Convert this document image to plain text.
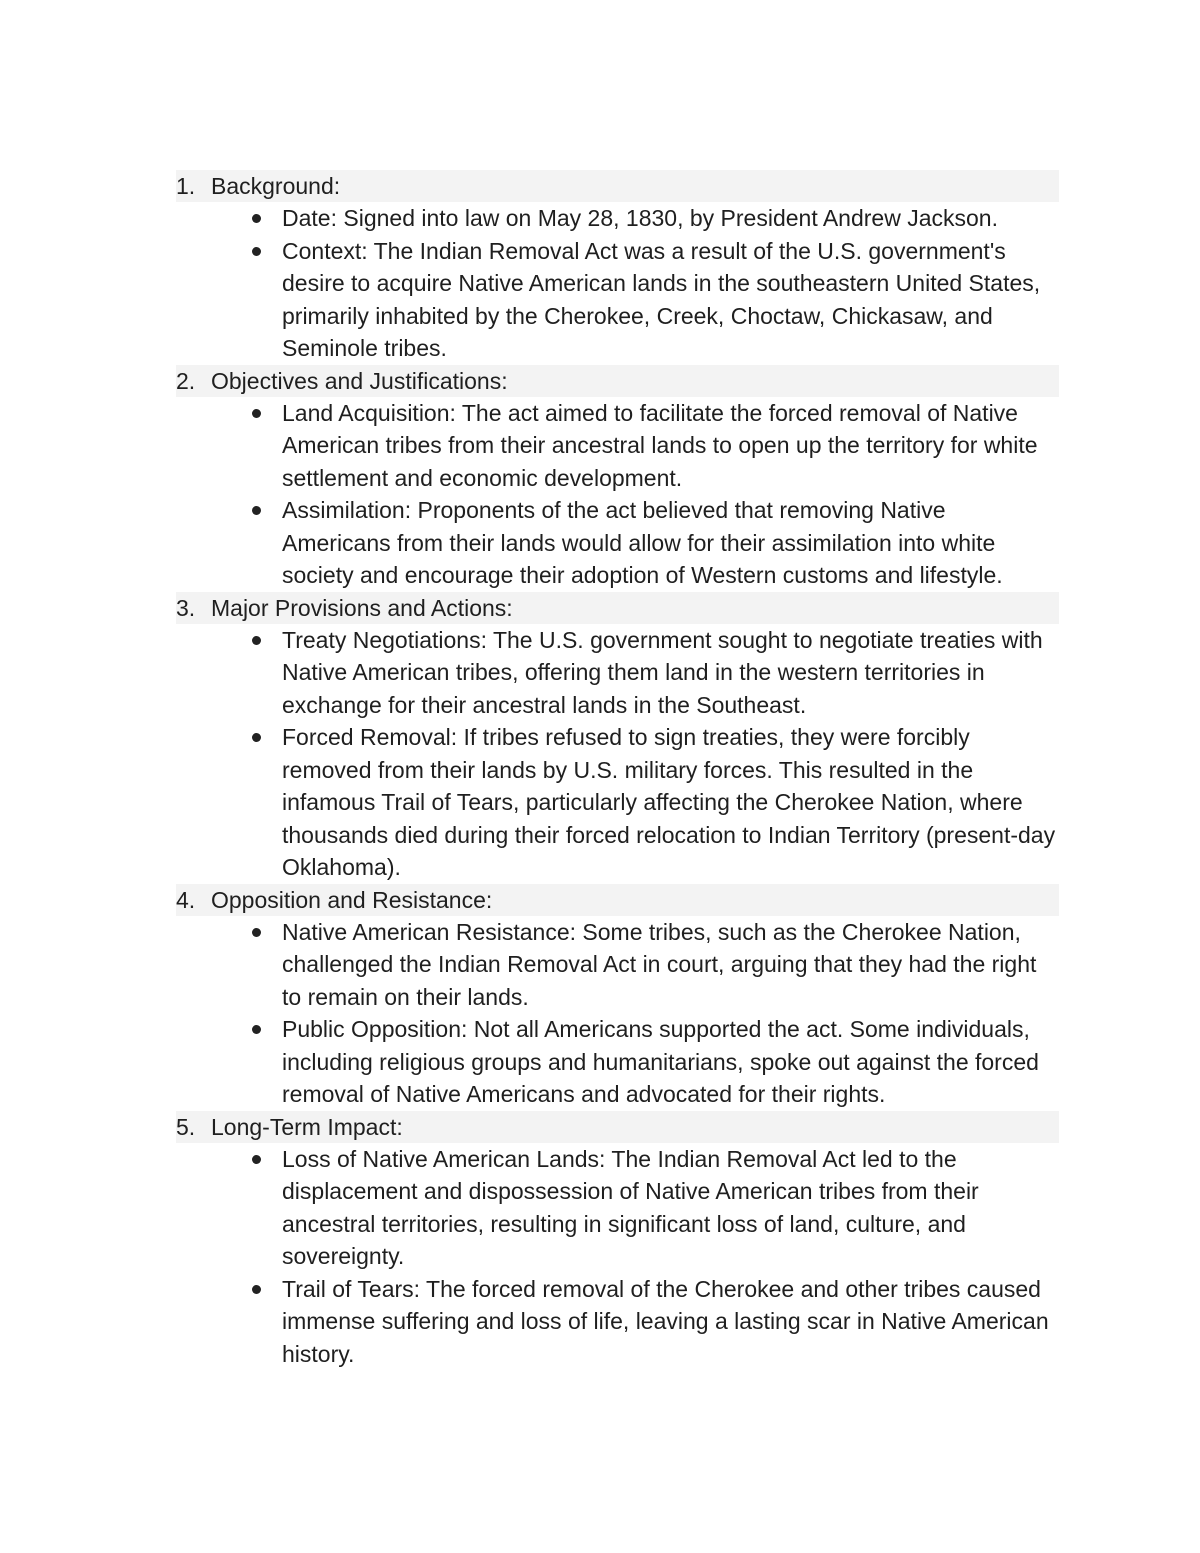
1. Background:
Date: Signed into law on May 28, 1830, by President Andrew Jackson.
Context: The Indian Removal Act was a result of the U.S. government's desire to acquire Native American lands in the southeastern United States, primarily inhabited by the Cherokee, Creek, Choctaw, Chickasaw, and Seminole tribes.
2. Objectives and Justifications:
Land Acquisition: The act aimed to facilitate the forced removal of Native American tribes from their ancestral lands to open up the territory for white settlement and economic development.
Assimilation: Proponents of the act believed that removing Native Americans from their lands would allow for their assimilation into white society and encourage their adoption of Western customs and lifestyle.
3. Major Provisions and Actions:
Treaty Negotiations: The U.S. government sought to negotiate treaties with Native American tribes, offering them land in the western territories in exchange for their ancestral lands in the Southeast.
Forced Removal: If tribes refused to sign treaties, they were forcibly removed from their lands by U.S. military forces. This resulted in the infamous Trail of Tears, particularly affecting the Cherokee Nation, where thousands died during their forced relocation to Indian Territory (present-day Oklahoma).
4. Opposition and Resistance:
Native American Resistance: Some tribes, such as the Cherokee Nation, challenged the Indian Removal Act in court, arguing that they had the right to remain on their lands.
Public Opposition: Not all Americans supported the act. Some individuals, including religious groups and humanitarians, spoke out against the forced removal of Native Americans and advocated for their rights.
5. Long-Term Impact:
Loss of Native American Lands: The Indian Removal Act led to the displacement and dispossession of Native American tribes from their ancestral territories, resulting in significant loss of land, culture, and sovereignty.
Trail of Tears: The forced removal of the Cherokee and other tribes caused immense suffering and loss of life, leaving a lasting scar in Native American history.
